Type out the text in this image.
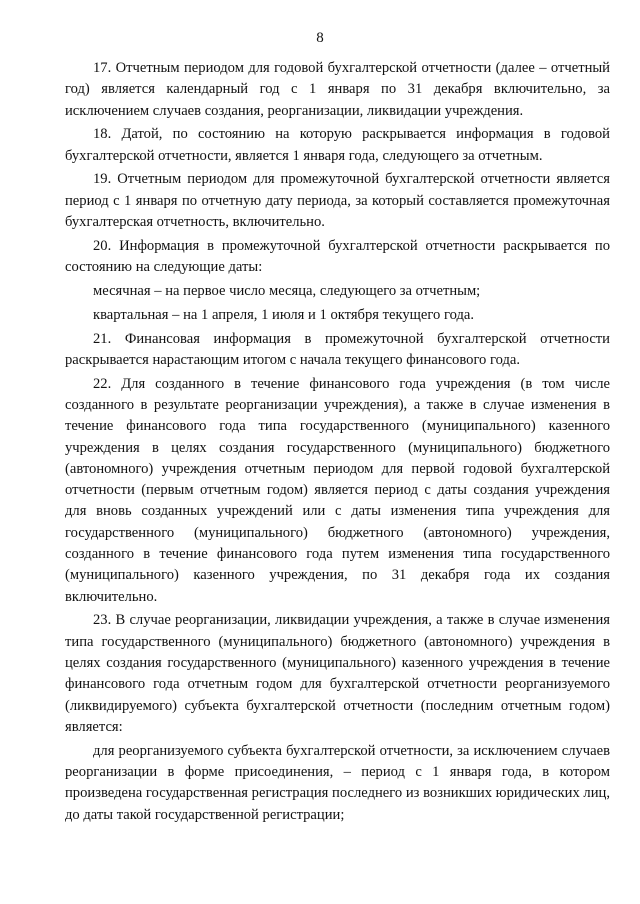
8

17. Отчетным периодом для годовой бухгалтерской отчетности (далее – отчетный год) является календарный год с 1 января по 31 декабря включительно, за исключением случаев создания, реорганизации, ликвидации учреждения.

18. Датой, по состоянию на которую раскрывается информация в годовой бухгалтерской отчетности, является 1 января года, следующего за отчетным.

19. Отчетным периодом для промежуточной бухгалтерской отчетности является период с 1 января по отчетную дату периода, за который составляется промежуточная бухгалтерская отчетность, включительно.

20. Информация в промежуточной бухгалтерской отчетности раскрывается по состоянию на следующие даты:

месячная – на первое число месяца, следующего за отчетным;

квартальная – на 1 апреля, 1 июля и 1 октября текущего года.

21. Финансовая информация в промежуточной бухгалтерской отчетности раскрывается нарастающим итогом с начала текущего финансового года.

22. Для созданного в течение финансового года учреждения (в том числе созданного в результате реорганизации учреждения), а также в случае изменения в течение финансового года типа государственного (муниципального) казенного учреждения в целях создания государственного (муниципального) бюджетного (автономного) учреждения отчетным периодом для первой годовой бухгалтерской отчетности (первым отчетным годом) является период с даты создания учреждения для вновь созданных учреждений или с даты изменения типа учреждения для государственного (муниципального) бюджетного (автономного) учреждения, созданного в течение финансового года путем изменения типа государственного (муниципального) казенного учреждения, по 31 декабря года их создания включительно.

23. В случае реорганизации, ликвидации учреждения, а также в случае изменения типа государственного (муниципального) бюджетного (автономного) учреждения в целях создания государственного (муниципального) казенного учреждения в течение финансового года отчетным годом для бухгалтерской отчетности реорганизуемого (ликвидируемого) субъекта бухгалтерской отчетности (последним отчетным годом) является:

для реорганизуемого субъекта бухгалтерской отчетности, за исключением случаев реорганизации в форме присоединения, – период с 1 января года, в котором произведена государственная регистрация последнего из возникших юридических лиц, до даты такой государственной регистрации;
